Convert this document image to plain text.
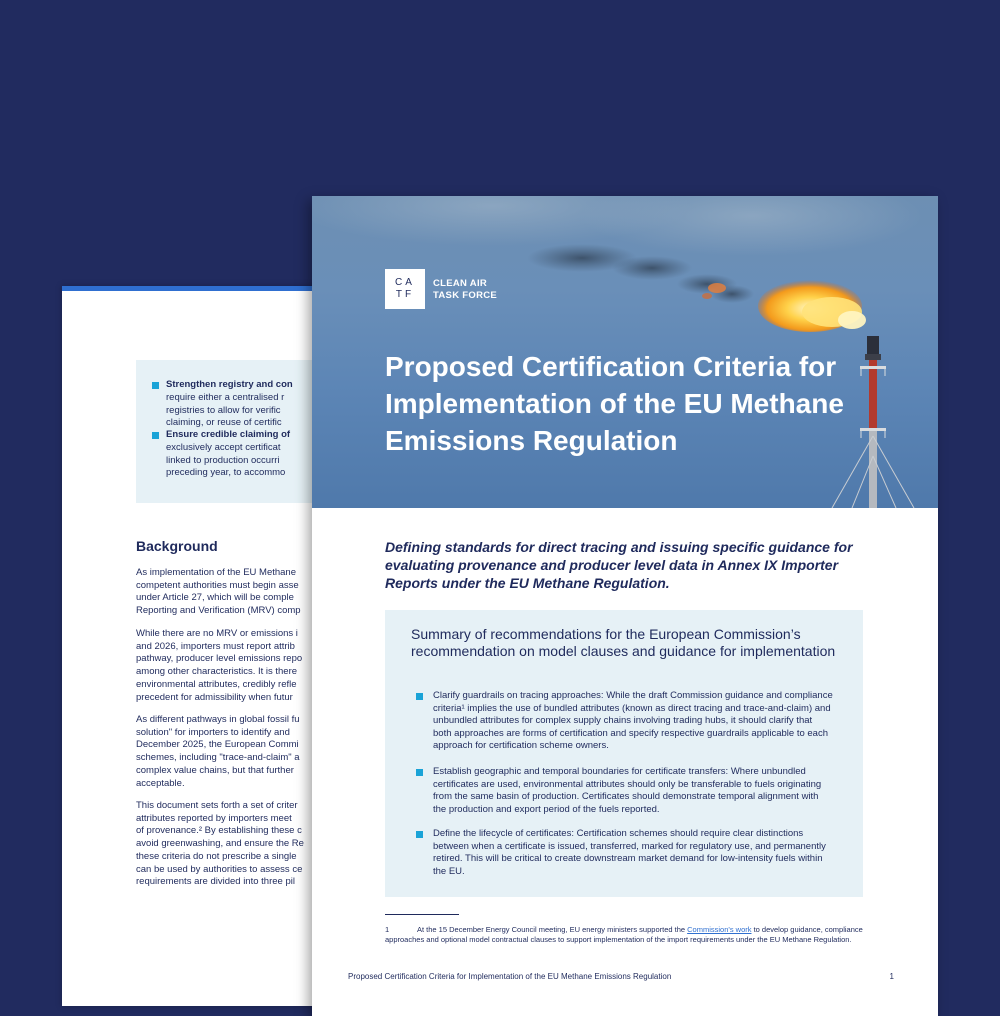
Strengthen registry and con
require either a centralised r
registries to allow for verific
claiming, or reuse of certific
Ensure credible claiming of
exclusively accept certificat
linked to production occurri
preceding year, to accommo
Background
As implementation of the EU Methane
competent authorities must begin asse
under Article 27, which will be comple
Reporting and Verification (MRV) comp
While there are no MRV or emissions i
and 2026, importers must report attrib
pathway, producer level emissions repo
among other characteristics. It is there
environmental attributes, credibly refle
precedent for admissibility when futur
As different pathways in global fossil fu
solution" for importers to identify and
December 2025, the European Commi
schemes, including "trace-and-claim" a
complex value chains, but that further
acceptable.
This document sets forth a set of criter
attributes reported by importers meet
of provenance.² By establishing these c
avoid greenwashing, and ensure the Re
these criteria do not prescribe a single
can be used by authorities to assess ce
requirements are divided into three pil
CA
TF
CLEAN AIR
TASK FORCE
Proposed Certification Criteria for Implementation of the EU Methane Emissions Regulation
Defining standards for direct tracing and issuing specific guidance for evaluating provenance and producer level data in Annex IX Importer Reports under the EU Methane Regulation.
Summary of recommendations for the European Commission’s recommendation on model clauses and guidance for implementation
Clarify guardrails on tracing approaches: While the draft Commission guidance and compliance criteria¹ implies the use of bundled attributes (known as direct tracing and trace-and-claim) and unbundled attributes for complex supply chains involving trading hubs, it should clarify that both approaches are forms of certification and specify respective guardrails applicable to each approach for certification scheme owners.
Establish geographic and temporal boundaries for certificate transfers: Where unbundled certificates are used, environmental attributes should only be transferable to fuels originating from the same basin of production. Certificates should demonstrate temporal alignment with the production and export period of the fuels reported.
Define the lifecycle of certificates: Certification schemes should require clear distinctions between when a certificate is issued, transferred, marked for regulatory use, and permanently retired. This will be critical to create downstream market demand for low-intensity fuels within the EU.
1	At the 15 December Energy Council meeting, EU energy ministers supported the Commission's work to develop guidance, compliance approaches and optional model contractual clauses to support implementation of the import requirements under the EU Methane Regulation.
Proposed Certification Criteria for Implementation of the EU Methane Emissions Regulation	1
